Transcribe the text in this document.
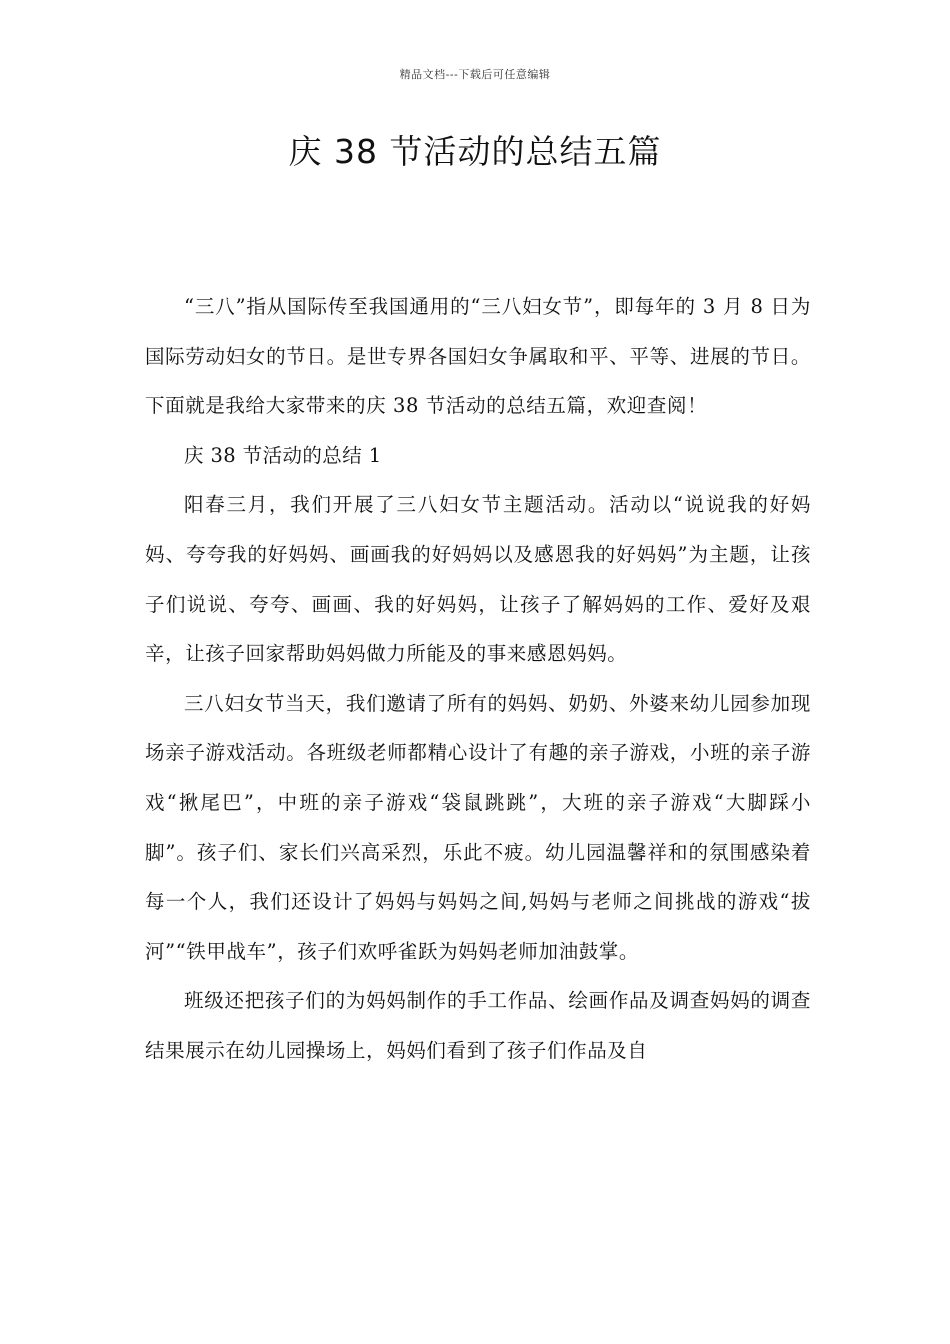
精品文档---下载后可任意编辑
庆 38 节活动的总结五篇

“三八”指从国际传至我国通用的“三八妇女节”，即每年的 3 月 8 日为国际劳动妇女的节日。是世专界各国妇女争属取和平、平等、进展的节日。下面就是我给大家带来的庆 38 节活动的总结五篇，欢迎查阅！

庆 38 节活动的总结 1

阳春三月，我们开展了三八妇女节主题活动。活动以“说说我的好妈妈、夸夸我的好妈妈、画画我的好妈妈以及感恩我的好妈妈”为主题，让孩子们说说、夸夸、画画、我的好妈妈，让孩子了解妈妈的工作、爱好及艰辛，让孩子回家帮助妈妈做力所能及的事来感恩妈妈。

三八妇女节当天，我们邀请了所有的妈妈、奶奶、外婆来幼儿园参加现场亲子游戏活动。各班级老师都精心设计了有趣的亲子游戏，小班的亲子游戏“揪尾巴”，中班的亲子游戏“袋鼠跳跳”，大班的亲子游戏“大脚踩小脚”。孩子们、家长们兴高采烈，乐此不疲。幼儿园温馨祥和的氛围感染着每一个人，我们还设计了妈妈与妈妈之间,妈妈与老师之间挑战的游戏“拔河”“铁甲战车”，孩子们欢呼雀跃为妈妈老师加油鼓掌。

班级还把孩子们的为妈妈制作的手工作品、绘画作品及调查妈妈的调查结果展示在幼儿园操场上，妈妈们看到了孩子们作品及自
